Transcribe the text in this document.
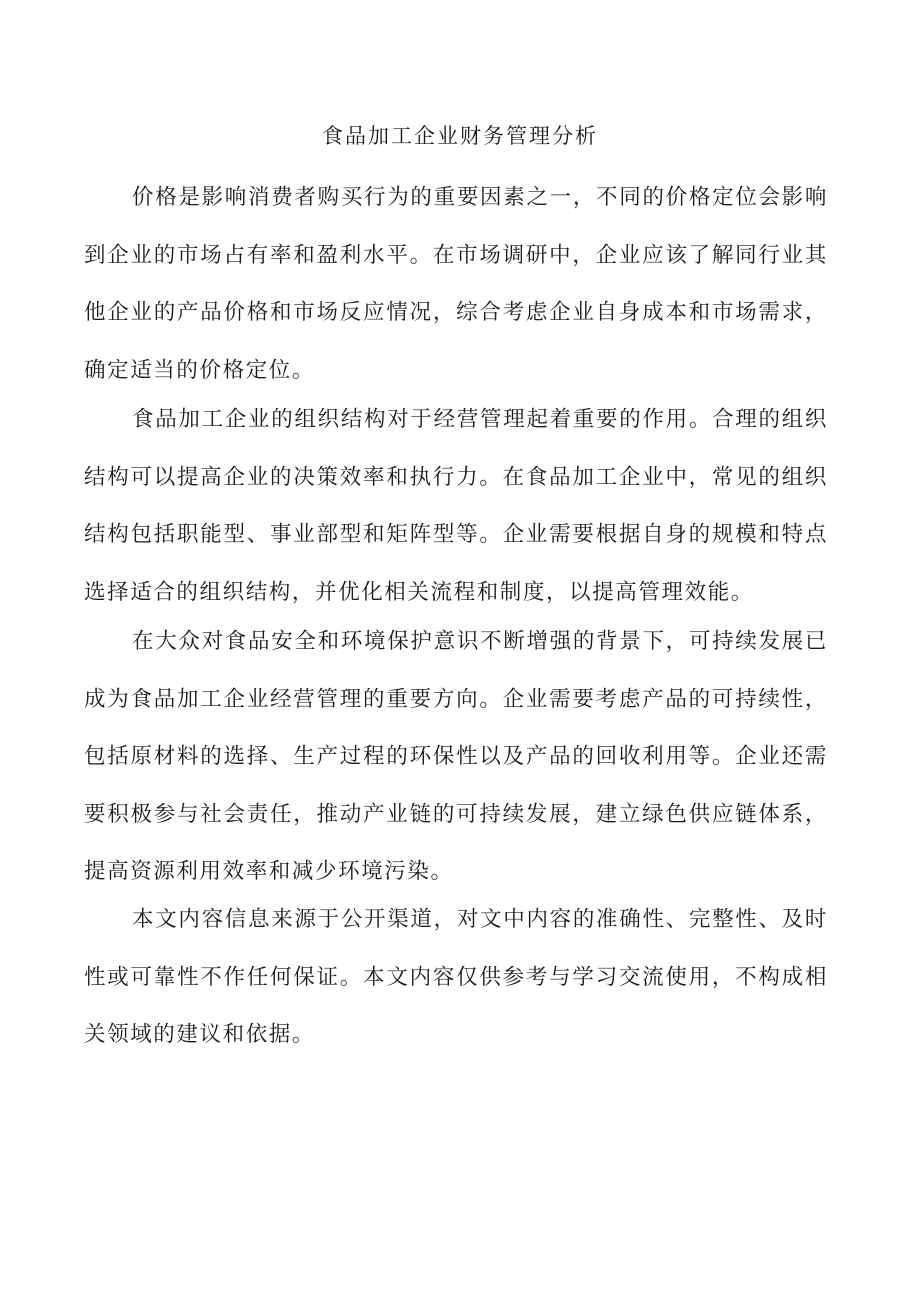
食品加工企业财务管理分析

价格是影响消费者购买行为的重要因素之一，不同的价格定位会影响到企业的市场占有率和盈利水平。在市场调研中，企业应该了解同行业其他企业的产品价格和市场反应情况，综合考虑企业自身成本和市场需求，确定适当的价格定位。

食品加工企业的组织结构对于经营管理起着重要的作用。合理的组织结构可以提高企业的决策效率和执行力。在食品加工企业中，常见的组织结构包括职能型、事业部型和矩阵型等。企业需要根据自身的规模和特点选择适合的组织结构，并优化相关流程和制度，以提高管理效能。

在大众对食品安全和环境保护意识不断增强的背景下，可持续发展已成为食品加工企业经营管理的重要方向。企业需要考虑产品的可持续性，包括原材料的选择、生产过程的环保性以及产品的回收利用等。企业还需要积极参与社会责任，推动产业链的可持续发展，建立绿色供应链体系，提高资源利用效率和减少环境污染。

本文内容信息来源于公开渠道，对文中内容的准确性、完整性、及时性或可靠性不作任何保证。本文内容仅供参考与学习交流使用，不构成相关领域的建议和依据。
